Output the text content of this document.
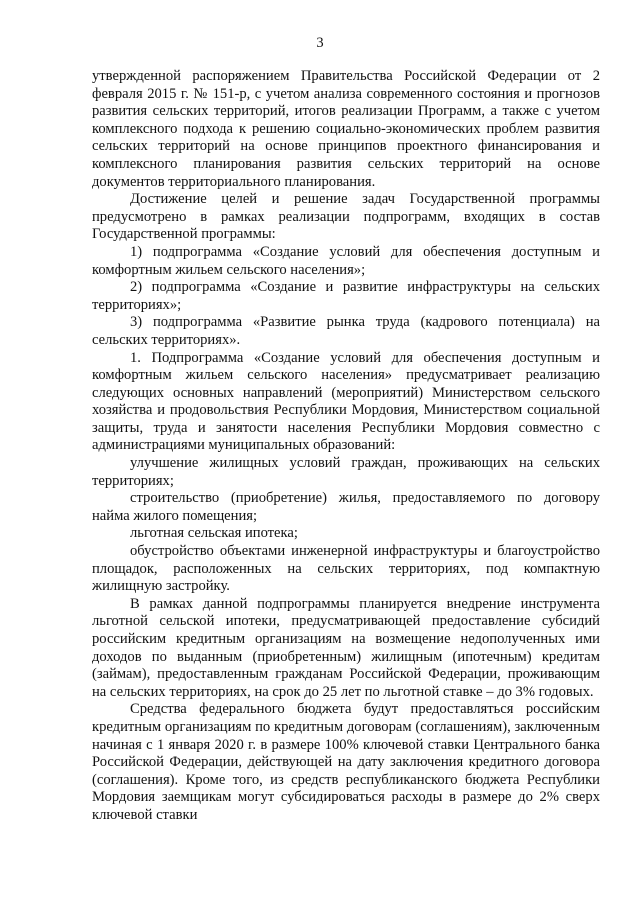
3

утвержденной распоряжением Правительства Российской Федерации от 2 февраля 2015 г. № 151-р, с учетом анализа современного состояния и прогнозов развития сельских территорий, итогов реализации Программ, а также с учетом комплексного подхода к решению социально-экономических проблем развития сельских территорий на основе принципов проектного финансирования и комплексного планирования развития сельских территорий на основе документов территориального планирования.

Достижение целей и решение задач Государственной программы предусмотрено в рамках реализации подпрограмм, входящих в состав Государственной программы:

1) подпрограмма «Создание условий для обеспечения доступным и комфортным жильем сельского населения»;

2) подпрограмма «Создание и развитие инфраструктуры на сельских территориях»;

3) подпрограмма «Развитие рынка труда (кадрового потенциала) на сельских территориях».

1. Подпрограмма «Создание условий для обеспечения доступным и комфортным жильем сельского населения» предусматривает реализацию следующих основных направлений (мероприятий) Министерством сельского хозяйства и продовольствия Республики Мордовия, Министерством социальной защиты, труда и занятости населения Республики Мордовия совместно с администрациями муниципальных образований:

улучшение жилищных условий граждан, проживающих на сельских территориях;

строительство (приобретение) жилья, предоставляемого по договору найма жилого помещения;

льготная сельская ипотека;

обустройство объектами инженерной инфраструктуры и благоустройство площадок, расположенных на сельских территориях, под компактную жилищную застройку.

В рамках данной подпрограммы планируется внедрение инструмента льготной сельской ипотеки, предусматривающей предоставление субсидий российским кредитным организациям на возмещение недополученных ими доходов по выданным (приобретенным) жилищным (ипотечным) кредитам (займам), предоставленным гражданам Российской Федерации, проживающим на сельских территориях, на срок до 25 лет по льготной ставке – до 3% годовых.

Средства федерального бюджета будут предоставляться российским кредитным организациям по кредитным договорам (соглашениям), заключенным начиная с 1 января 2020 г. в размере 100% ключевой ставки Центрального банка Российской Федерации, действующей на дату заключения кредитного договора (соглашения). Кроме того, из средств республиканского бюджета Республики Мордовия заемщикам могут субсидироваться расходы в размере до 2% сверх ключевой ставки
